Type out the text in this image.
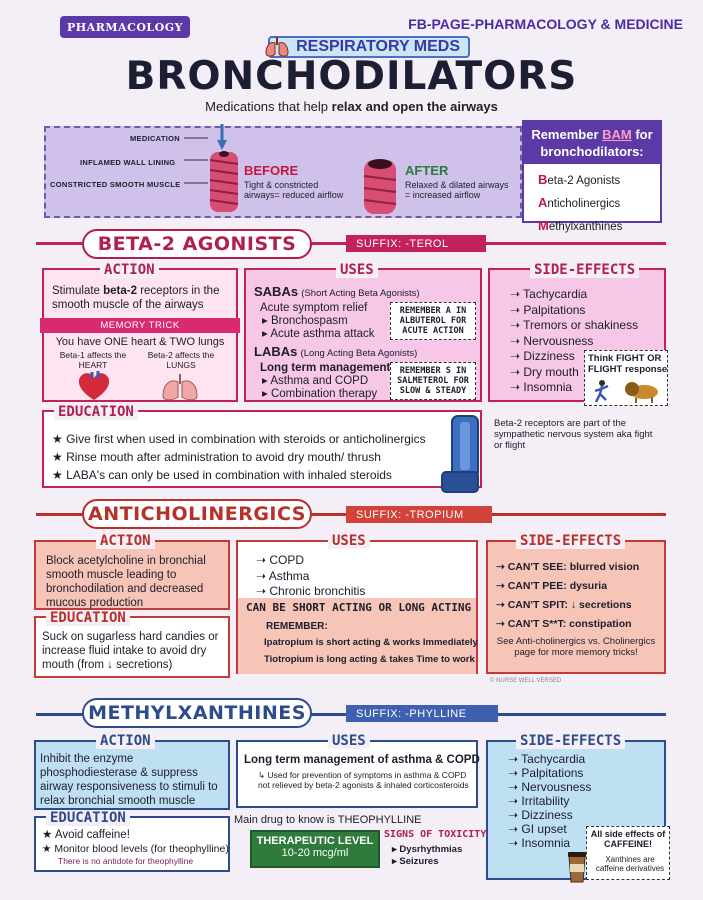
PHARMACOLOGY	FB-PAGE-PHARMACOLOGY & MEDICINE
RESPIRATORY MEDS
BRONCHODILATORS
Medications that help relax and open the airways
MEDICATION
INFLAMED WALL LINING
CONSTRICTED SMOOTH MUSCLE
BEFORE
Tight & constricted airways= reduced airflow
AFTER
Relaxed & dilated airways = increased airflow
Remember BAM for bronchodilators:
Beta-2 Agonists
Anticholinergics
Methylxanthines
BETA-2 AGONISTS	SUFFIX: -TEROL
ACTION
Stimulate beta-2 receptors in the smooth muscle of the airways
MEMORY TRICK
You have ONE heart & TWO lungs
Beta-1 affects the HEART
Beta-2 affects the LUNGS
USES
SABAs (Short Acting Beta Agonists)
Acute symptom relief
▸ Bronchospasm
▸ Acute asthma attack
REMEMBER A IN ALBUTEROL FOR ACUTE ACTION
LABAs (Long Acting Beta Agonists)
Long term management
▸ Asthma and COPD
▸ Combination therapy
REMEMBER S IN SALMETEROL FOR SLOW & STEADY
SIDE-EFFECTS
➝ Tachycardia
➝ Palpitations
➝ Tremors or shakiness
➝ Nervousness
➝ Dizziness
➝ Dry mouth
➝ Insomnia
Think FIGHT OR FLIGHT response
EDUCATION
★ Give first when used in combination with steroids or anticholinergics
★ Rinse mouth after administration to avoid dry mouth/ thrush
★ LABA's can only be used in combination with inhaled steroids
Beta-2 receptors are part of the sympathetic nervous system aka fight or flight
ANTICHOLINERGICS	SUFFIX: -TROPIUM
ACTION
Block acetylcholine in bronchial smooth muscle leading to bronchodilation and decreased mucous production
EDUCATION
Suck on sugarless hard candies or increase fluid intake to avoid dry mouth (from ↓ secretions)
USES
➝ COPD
➝ Asthma
➝ Chronic bronchitis
CAN BE SHORT ACTING OR LONG ACTING
REMEMBER:
Ipatropium is short acting & works Immediately
Tiotropium is long acting & takes Time to work
SIDE-EFFECTS
➝ CAN'T SEE: blurred vision
➝ CAN'T PEE: dysuria
➝ CAN'T SPIT: ↓ secretions
➝ CAN'T S**T: constipation
See Anti-cholinergics vs. Cholinergics page for more memory tricks!
© NURSE WELL VERSED
METHYLXANTHINES	SUFFIX: -PHYLLINE
ACTION
Inhibit the enzyme phosphodiesterase & suppress airway responsiveness to stimuli to relax bronchial smooth muscle
EDUCATION
★ Avoid caffeine!
★ Monitor blood levels (for theophylline)
There is no antidote for theophylline
USES
Long term management of asthma & COPD
↳ Used for prevention of symptoms in asthma & COPD not relieved by beta-2 agonists & inhaled corticosteroids
Main drug to know is THEOPHYLLINE
THERAPEUTIC LEVEL
10-20 mcg/ml
SIGNS OF TOXICITY
▸ Dysrhythmias
▸ Seizures
SIDE-EFFECTS
➝ Tachycardia
➝ Palpitations
➝ Nervousness
➝ Irritability
➝ Dizziness
➝ GI upset
➝ Insomnia
All side effects of CAFFEINE!
Xanthines are caffeine derivatives
